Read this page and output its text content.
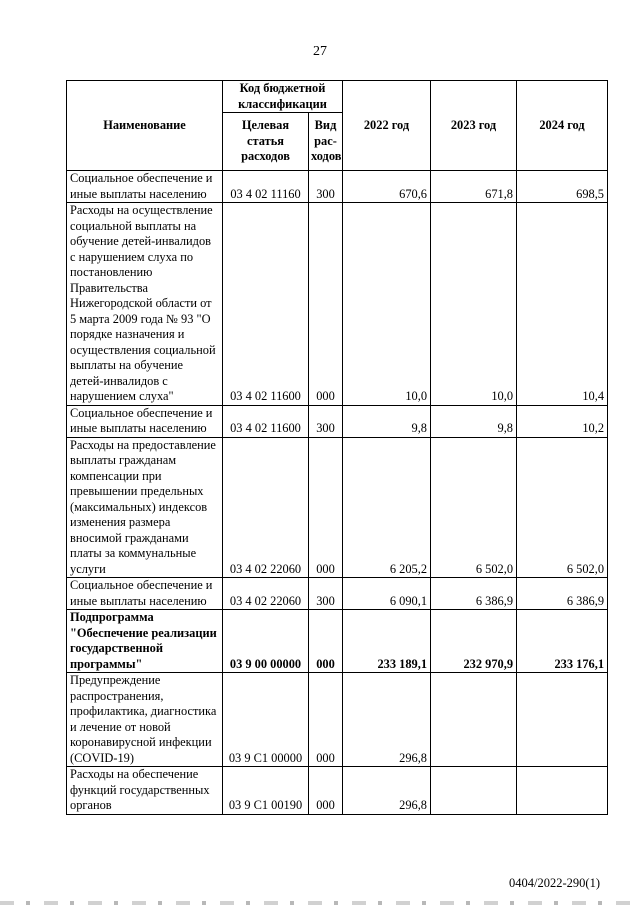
27
Наименование	Код бюджетной классификации		2022 год	2023 год	2024 год
	Целевая статья расходов	Вид рас-ходов			
Социальное обеспечение и иные выплаты населению	03 4 02 11160	300	670,6	671,8	698,5
Расходы на осуществление социальной выплаты на обучение детей-инвалидов с нарушением слуха по постановлению Правительства Нижегородской области от 5 марта 2009 года № 93 "О порядке назначения и осуществления социальной выплаты на обучение детей-инвалидов с нарушением слуха"	03 4 02 11600	000	10,0	10,0	10,4
Социальное обеспечение и иные выплаты населению	03 4 02 11600	300	9,8	9,8	10,2
Расходы на предоставление выплаты гражданам компенсации при превышении предельных (максимальных) индексов изменения размера вносимой гражданами платы за коммунальные услуги	03 4 02 22060	000	6 205,2	6 502,0	6 502,0
Социальное обеспечение и иные выплаты населению	03 4 02 22060	300	6 090,1	6 386,9	6 386,9
Подпрограмма "Обеспечение реализации государственной программы"	03 9 00 00000	000	233 189,1	232 970,9	233 176,1
Предупреждение распространения, профилактика, диагностика и лечение от новой коронавирусной инфекции (COVID-19)	03 9 С1 00000	000	296,8		
Расходы на обеспечение функций государственных органов	03 9 С1 00190	000	296,8		
0404/2022-290(1)
